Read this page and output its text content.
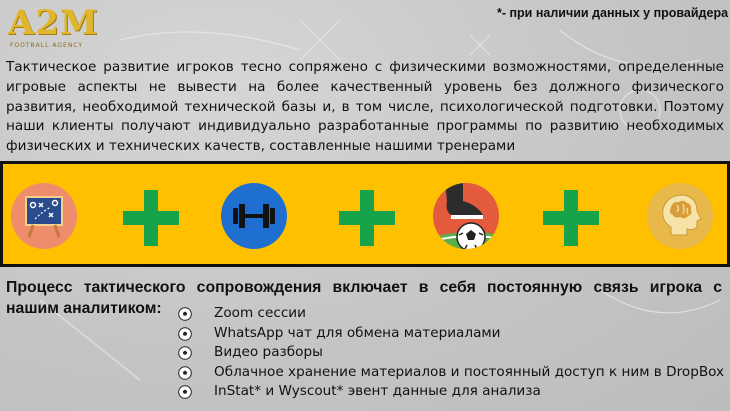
A2M
FOOTBALL AGENCY
*- при наличии данных у провайдера

Тактическое развитие игроков тесно сопряжено с физическими возможностями, определенные игровые аспекты не вывести на более качественный уровень без должного физического развития, необходимой технической базы и, в том числе, психологической подготовки. Поэтому наши клиенты получают индивидуально разработанные программы по развитию необходимых физических и технических качеств, составленные нашими тренерами

Процесс тактического сопровождения включает в себя постоянную связь игрока с
нашим аналитиком:	Zoom сессии
WhatsApp чат для обмена материалами
Видео разборы
Облачное хранение материалов и постоянный доступ к ним в DropBox
InStat* и Wyscout* эвент данные для анализа
